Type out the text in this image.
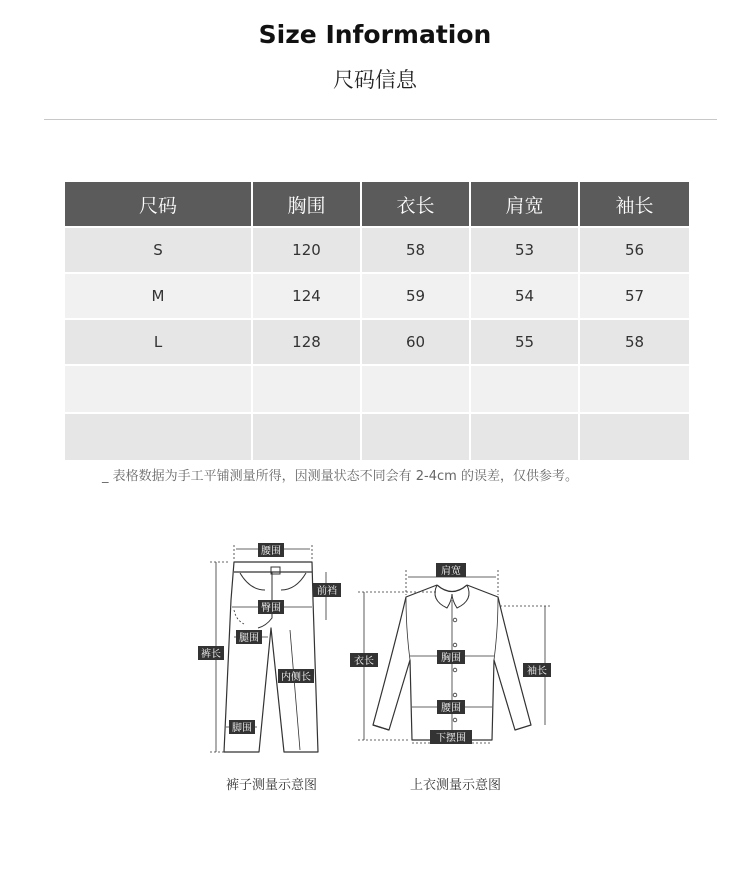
Size Information
尺码信息
尺码	胸围	衣长	肩宽	袖长
S	120	58	53	56
M	124	59	54	57
L	128	60	55	58

_ 表格数据为手工平铺测量所得，因测量状态不同会有 2-4cm 的误差，仅供参考。
腰围
臀围
腿围
裤长
内侧长
脚围
前裆
裤子测量示意图
肩宽
胸围
衣长
袖长
腰围
下摆围
上衣测量示意图
